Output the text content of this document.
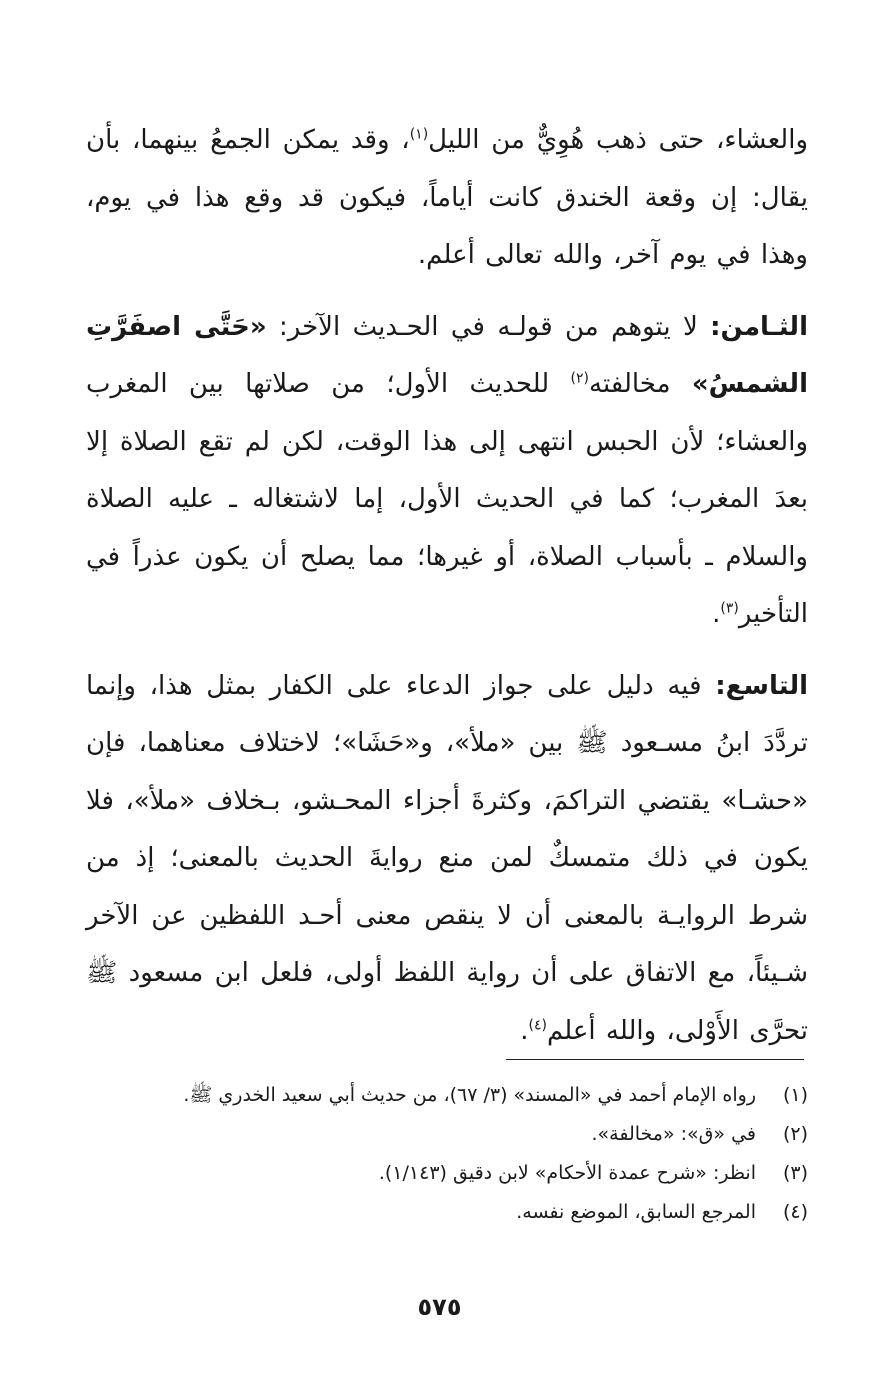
والعشاء، حتى ذهب هُوِيٌّ من الليل$^{(١)}$، وقد يمكن الجمعُ بينهما، بأن يقال: إن وقعة الخندق كانت أياماً، فيكون قد وقع هذا في يوم، وهذا في يوم آخر، والله تعالى أعلم.

الثـامن: لا يتوهم من قولـه في الحـديث الآخر: «حَتَّى اصفَرَّتِ الشمسُ» مخالفته$^{(٢)}$ للحديث الأول؛ من صلاتها بين المغرب والعشاء؛ لأن الحبس انتهى إلى هذا الوقت، لكن لم تقع الصلاة إلا بعدَ المغرب؛ كما في الحديث الأول، إما لاشتغاله ـ عليه الصلاة والسلام ـ بأسباب الصلاة، أو غيرها؛ مما يصلح أن يكون عذراً في التأخير$^{(٣)}$.

التاسع: فيه دليل على جواز الدعاء على الكفار بمثل هذا، وإنما تردَّدَ ابنُ مسـعود ﷺ بين «ملأ»، و«حَشَا»؛ لاختلاف معناهما، فإن «حشـا» يقتضي التراكمَ، وكثرةَ أجزاء المحـشو، بـخلاف «ملأ»، فلا يكون في ذلك متمسكٌ لمن منع روايةَ الحديث بالمعنى؛ إذ من شرط الروايـة بالمعنى أن لا ينقص معنى أحـد اللفظين عن الآخر شـيئاً، مع الاتفاق على أن رواية اللفظ أولى، فلعل ابن مسعود ﷺ تحرَّى الأَوْلى، والله أعلم$^{(٤)}$.

(١)
رواه الإمام أحمد في «المسند» (٣/ ٦٧)، من حديث أبي سعيد الخدري ﷺ.
(٢)
في «ق»: «مخالفة».
(٣)
انظر: «شرح عمدة الأحكام» لابن دقيق (١/١٤٣).
(٤)
المرجع السابق، الموضع نفسه.
٥٧٥
